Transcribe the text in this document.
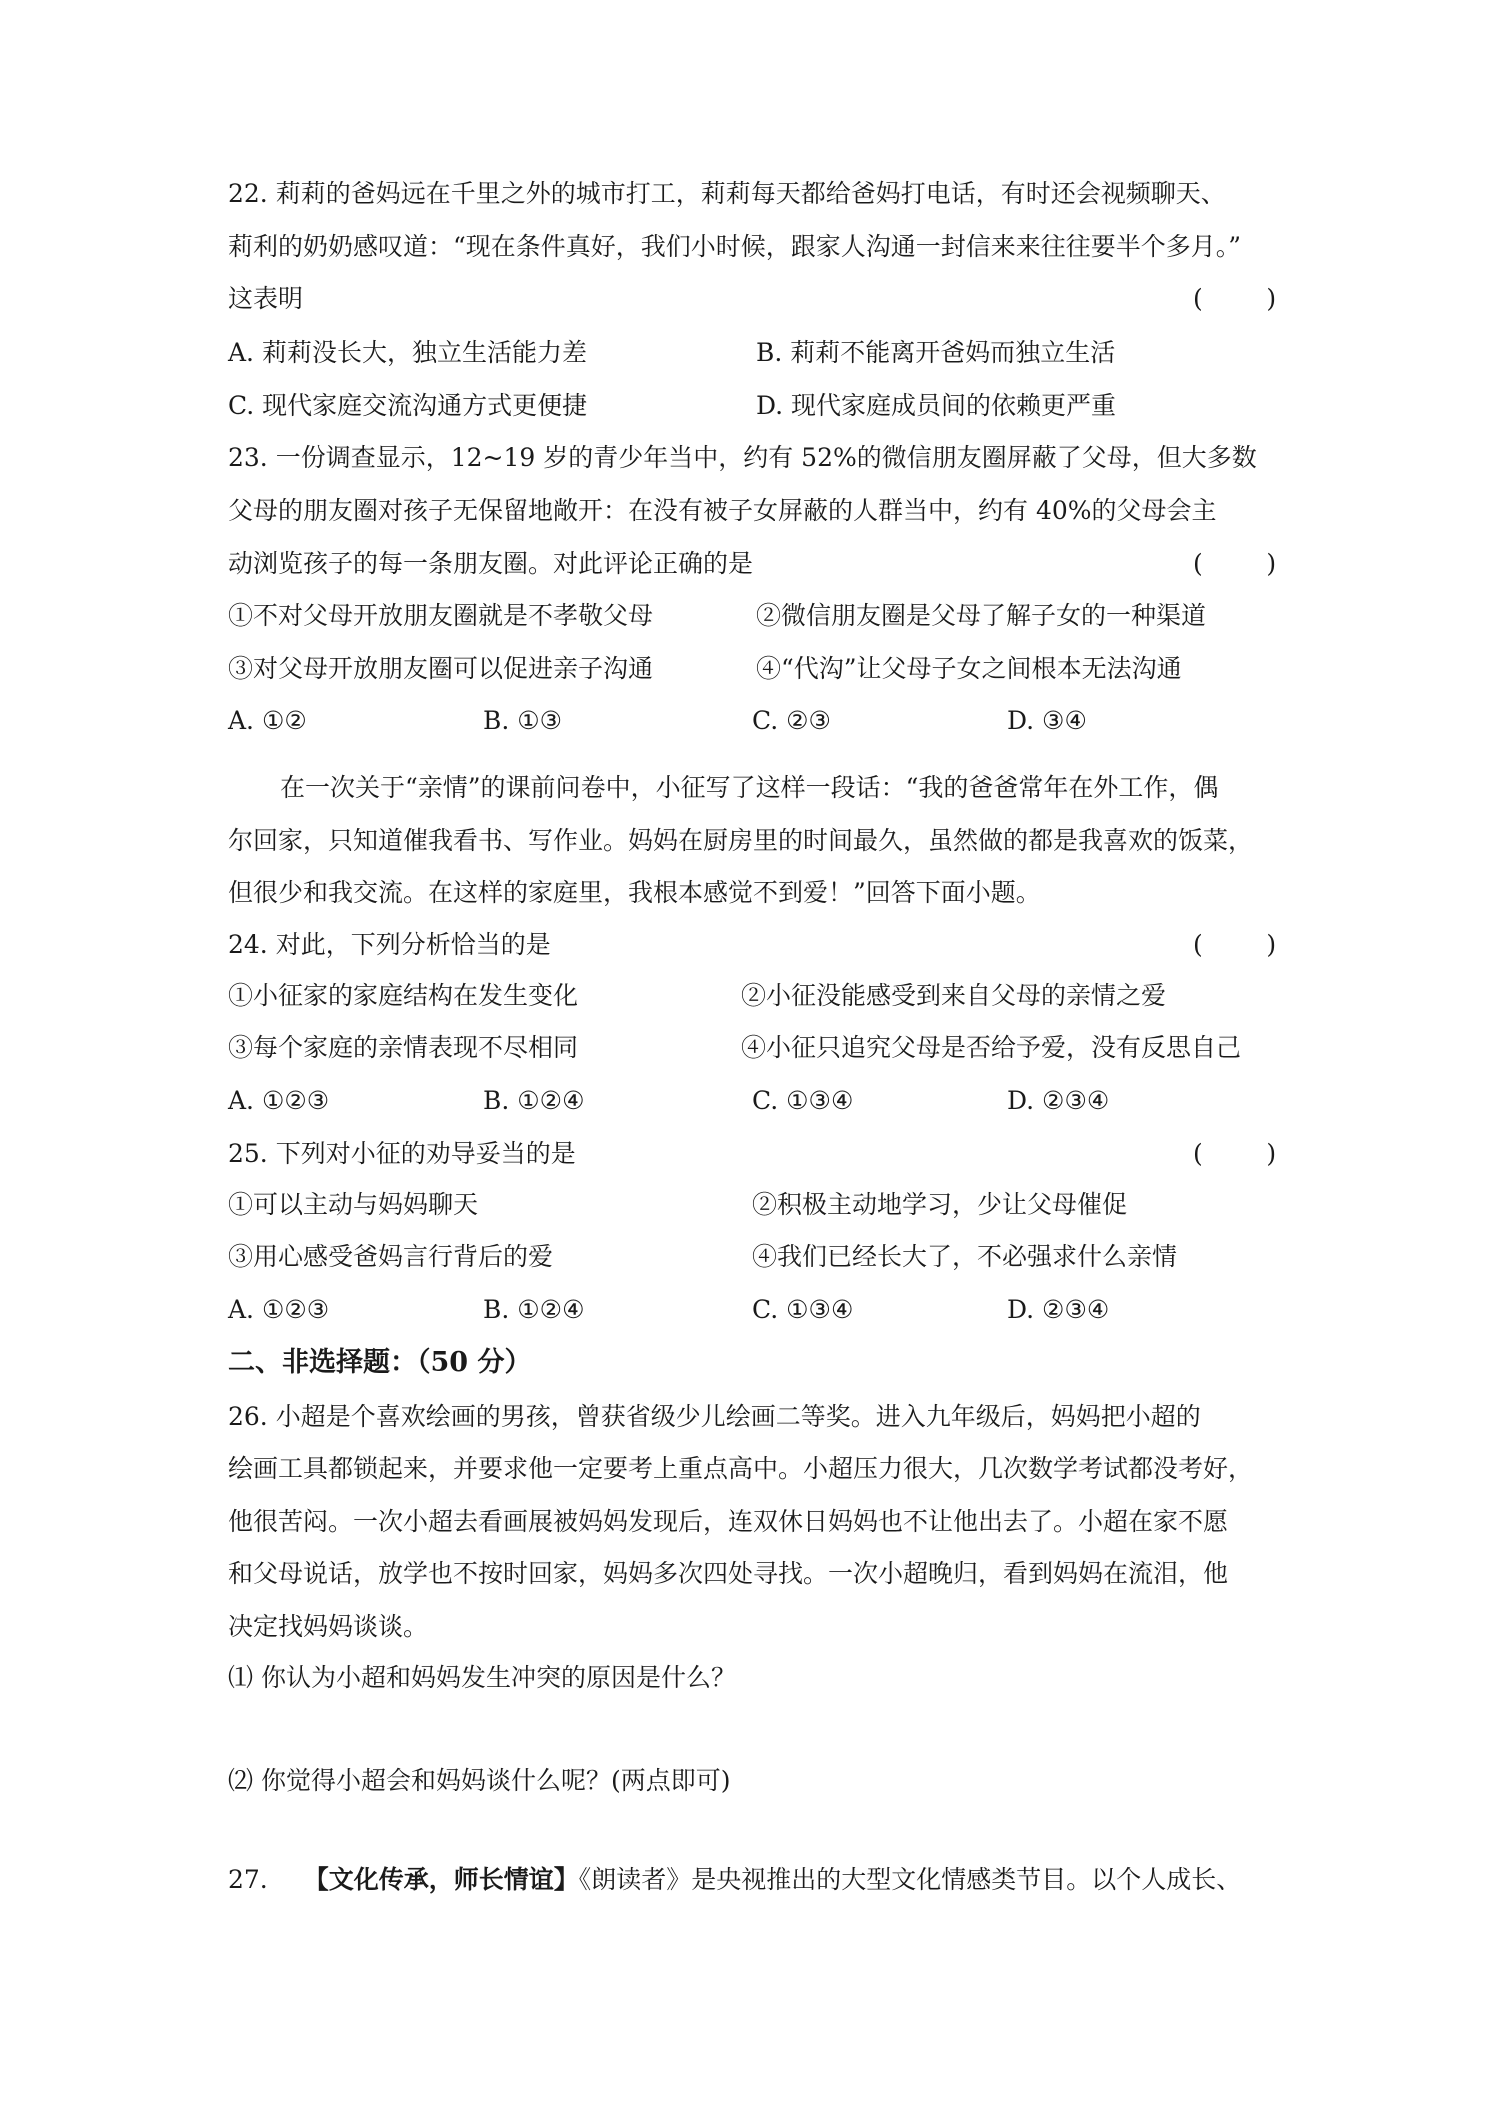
22. 莉莉的爸妈远在千里之外的城市打工，莉莉每天都给爸妈打电话，有时还会视频聊天、
莉利的奶奶感叹道：“现在条件真好，我们小时候，跟家人沟通一封信来来往往要半个多月。”
这表明	(        )
A. 莉莉没长大，独立生活能力差	B. 莉莉不能离开爸妈而独立生活
C. 现代家庭交流沟通方式更便捷	D. 现代家庭成员间的依赖更严重
23. 一份调查显示，12~19 岁的青少年当中，约有 52%的微信朋友圈屏蔽了父母，但大多数
父母的朋友圈对孩子无保留地敞开：在没有被子女屏蔽的人群当中，约有 40%的父母会主
动浏览孩子的每一条朋友圈。对此评论正确的是	(        )
①不对父母开放朋友圈就是不孝敬父母	②微信朋友圈是父母了解子女的一种渠道
③对父母开放朋友圈可以促进亲子沟通	④“代沟”让父母子女之间根本无法沟通
A. ①②	B. ①③	C. ②③	D. ③④
在一次关于“亲情”的课前问卷中，小征写了这样一段话：“我的爸爸常年在外工作，偶
尔回家，只知道催我看书、写作业。妈妈在厨房里的时间最久，虽然做的都是我喜欢的饭菜，
但很少和我交流。在这样的家庭里，我根本感觉不到爱！”回答下面小题。
24. 对此，下列分析恰当的是	(        )
①小征家的家庭结构在发生变化	②小征没能感受到来自父母的亲情之爱
③每个家庭的亲情表现不尽相同	④小征只追究父母是否给予爱，没有反思自己
A. ①②③	B. ①②④	C. ①③④	D. ②③④
25. 下列对小征的劝导妥当的是	(        )
①可以主动与妈妈聊天	②积极主动地学习，少让父母催促
③用心感受爸妈言行背后的爱	④我们已经长大了，不必强求什么亲情
A. ①②③	B. ①②④	C. ①③④	D. ②③④
二、非选择题：（50 分）
26. 小超是个喜欢绘画的男孩，曾获省级少儿绘画二等奖。进入九年级后，妈妈把小超的
绘画工具都锁起来，并要求他一定要考上重点高中。小超压力很大，几次数学考试都没考好，
他很苦闷。一次小超去看画展被妈妈发现后，连双休日妈妈也不让他出去了。小超在家不愿
和父母说话，放学也不按时回家，妈妈多次四处寻找。一次小超晚归，看到妈妈在流泪，他
决定找妈妈谈谈。
⑴ 你认为小超和妈妈发生冲突的原因是什么？
⑵ 你觉得小超会和妈妈谈什么呢？(两点即可)
27. 【文化传承，师长情谊】《朗读者》是央视推出的大型文化情感类节目。以个人成长、
